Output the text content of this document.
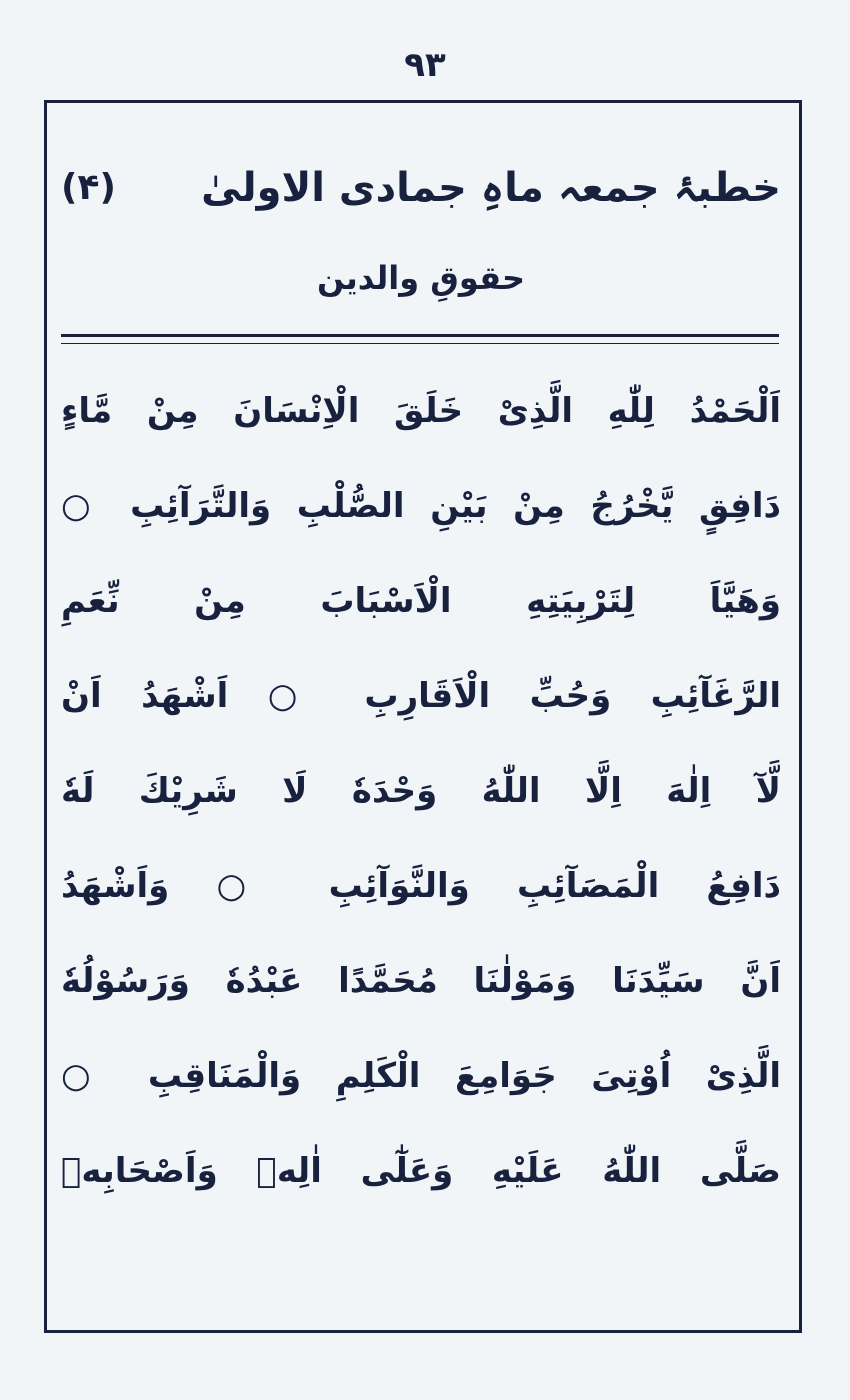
٩٣
خطبۂ جمعہ ماہِ جمادی الاولیٰ
(۴)
حقوقِ والدین
اَلْحَمْدُ لِلّٰهِ الَّذِیْ خَلَقَ الْاِنْسَانَ مِنْ مَّاءٍ
دَافِقٍ یَّخْرُجُ مِنْ بَیْنِ الصُّلْبِ وَالتَّرَآئِبِ ○
وَهَیَّاَ لِتَرْبِیَتِهِ الْاَسْبَابَ مِنْ نِّعَمِ
الرَّغَآئِبِ وَحُبِّ الْاَقَارِبِ ○ اَشْهَدُ اَنْ
لَّآ اِلٰهَ اِلَّا اللّٰهُ وَحْدَهٗ لَا شَرِیْكَ لَهٗ
دَافِعُ الْمَصَآئِبِ وَالنَّوَآئِبِ ○ وَاَشْهَدُ
اَنَّ سَیِّدَنَا وَمَوْلٰنَا مُحَمَّدًا عَبْدُهٗ وَرَسُوْلُهٗ
الَّذِیْ اُوْتِیَ جَوَامِعَ الْكَلِمِ وَالْمَنَاقِبِ ○
صَلَّى اللّٰهُ عَلَیْهِ وَعَلٰٓى اٰلِهٖ وَاَصْحَابِهٖ
